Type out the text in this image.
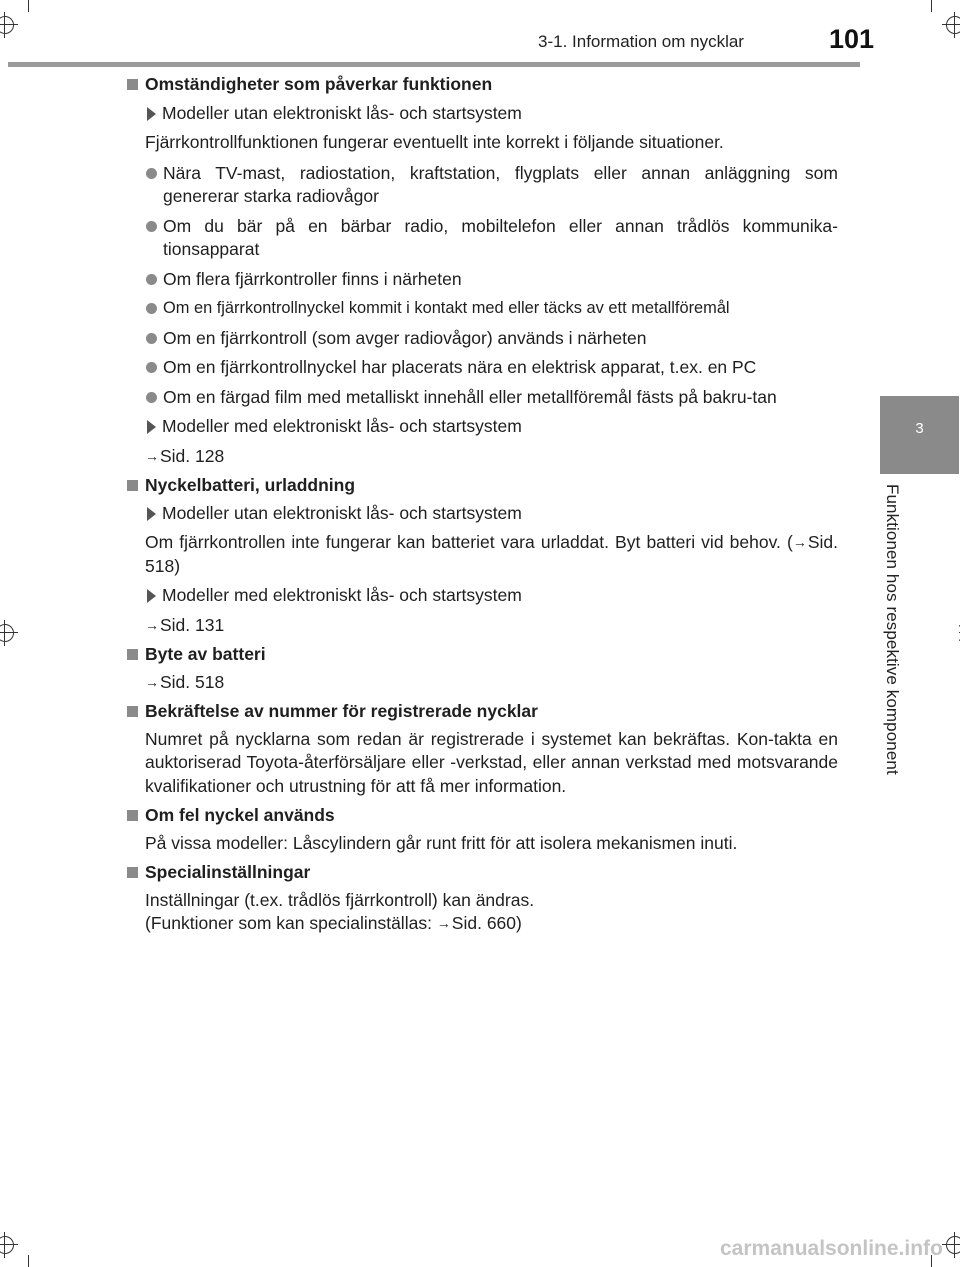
3-1. Information om nycklar	101
3
Funktionen hos respektive komponent

Omständigheter som påverkar funktionen

Modeller utan elektroniskt lås- och startsystem

Fjärrkontrollfunktionen fungerar eventuellt inte korrekt i följande situationer.

Nära TV-mast, radiostation, kraftstation, flygplats eller annan anläggning som genererar starka radiovågor

Om du bär på en bärbar radio, mobiltelefon eller annan trådlös kommunika-tionsapparat

Om flera fjärrkontroller finns i närheten

Om en fjärrkontrollnyckel kommit i kontakt med eller täcks av ett metallföremål

Om en fjärrkontroll (som avger radiovågor) används i närheten

Om en fjärrkontrollnyckel har placerats nära en elektrisk apparat, t.ex. en PC

Om en färgad film med metalliskt innehåll eller metallföremål fästs på bakru-tan

Modeller med elektroniskt lås- och startsystem

→Sid. 128

Nyckelbatteri, urladdning

Modeller utan elektroniskt lås- och startsystem

Om fjärrkontrollen inte fungerar kan batteriet vara urladdat. Byt batteri vid behov. (→Sid. 518)

Modeller med elektroniskt lås- och startsystem

→Sid. 131

Byte av batteri

→Sid. 518

Bekräftelse av nummer för registrerade nycklar

Numret på nycklarna som redan är registrerade i systemet kan bekräftas. Kon-takta en auktoriserad Toyota-återförsäljare eller -verkstad, eller annan verkstad med motsvarande kvalifikationer och utrustning för att få mer information.

Om fel nyckel används

På vissa modeller: Låscylindern går runt fritt för att isolera mekanismen inuti.

Specialinställningar

Inställningar (t.ex. trådlös fjärrkontroll) kan ändras.

(Funktioner som kan specialinställas: →Sid. 660)

carmanualsonline.info
